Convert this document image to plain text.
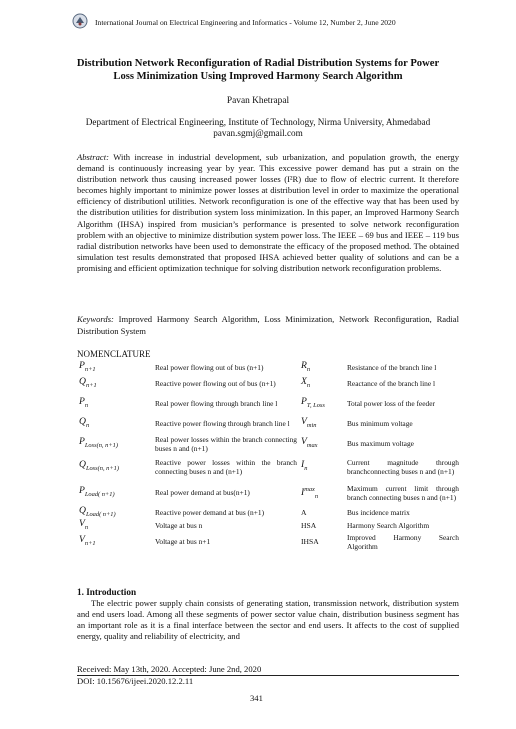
International Journal on Electrical Engineering and Informatics - Volume 12, Number 2, June 2020
Distribution Network Reconfiguration of Radial Distribution Systems for Power Loss Minimization Using Improved Harmony Search Algorithm
Pavan Khetrapal
Department of Electrical Engineering, Institute of Technology, Nirma University, Ahmedabad
pavan.sgmj@gmail.com
Abstract: With increase in industrial development, sub urbanization, and population growth, the energy demand is continuously increasing year by year. This excessive power demand has put a strain on the distribution network thus causing increased power losses (I²R) due to flow of electric current. It therefore becomes highly important to minimize power losses at distribution level in order to maximize the operational efficiency of distributionl utilities. Network reconfiguration is one of the effective way that has been used by the distribution utilities for distribution system loss minimization. In this paper, an Improved Harmony Search Algorithm (IHSA) inspired from musician’s performance is presented to solve network reconfiguration problem with an objective to minimize distribution system power loss. The IEEE – 69 bus and IEEE – 119 bus radial distribution networks have been used to demonstrate the efficacy of the proposed method. The obtained simulation test results demonstrated that proposed IHSA achieved better quality of solutions and can be a promising and efficient optimization technique for solving distribution network reconfiguration problems.
Keywords: Improved Harmony Search Algorithm, Loss Minimization, Network Reconfiguration, Radial Distribution System
NOMENCLATURE
$P_{n+1}$	Real power flowing out of bus (n+1)	$R_n$	Resistance of the branch line l
$Q_{n+1}$	Reactive power flowing out of bus (n+1)	$X_n$	Reactance of the branch line l
$P_n$	Real power flowing through branch line l	$P_{T, Loss}$	Total power loss of the feeder
$Q_n$	Reactive power flowing through branch line l	$V_{min}$	Bus minimum voltage
$P_{Loss(n, n+1)}$	Real power losses within the branch connecting buses n and (n+1)	$V_{max}$	Bus maximum voltage
$Q_{Loss(n, n+1)}$	Reactive power losses within the branch connecting buses n and (n+1)	$I_n$	Current magnitude through branchconnecting buses n and (n+1)
$P_{Load( n+1)}$	Real power demand at bus(n+1)	$I^{max}_n$	Maximum current limit through branch connecting buses n and (n+1)
$Q_{Load( n+1)}$	Reactive power demand at bus (n+1)	A	Bus incidence matrix
$V_n$	Voltage at bus n	HSA	Harmony Search Algorithm
$V_{n+1}$	Voltage at bus n+1	IHSA	Improved Harmony Search Algorithm
1. Introduction
The electric power supply chain consists of generating station, transmission network, distribution system and end users load. Among all these segments of power sector value chain, distribution business segment has an important role as it is a final interface between the sector and end users. It affects to the cost of supplied energy, quality and reliability of electricity, and
Received: May 13th, 2020. Accepted: June 2nd, 2020
DOI: 10.15676/ijeei.2020.12.2.11
341
